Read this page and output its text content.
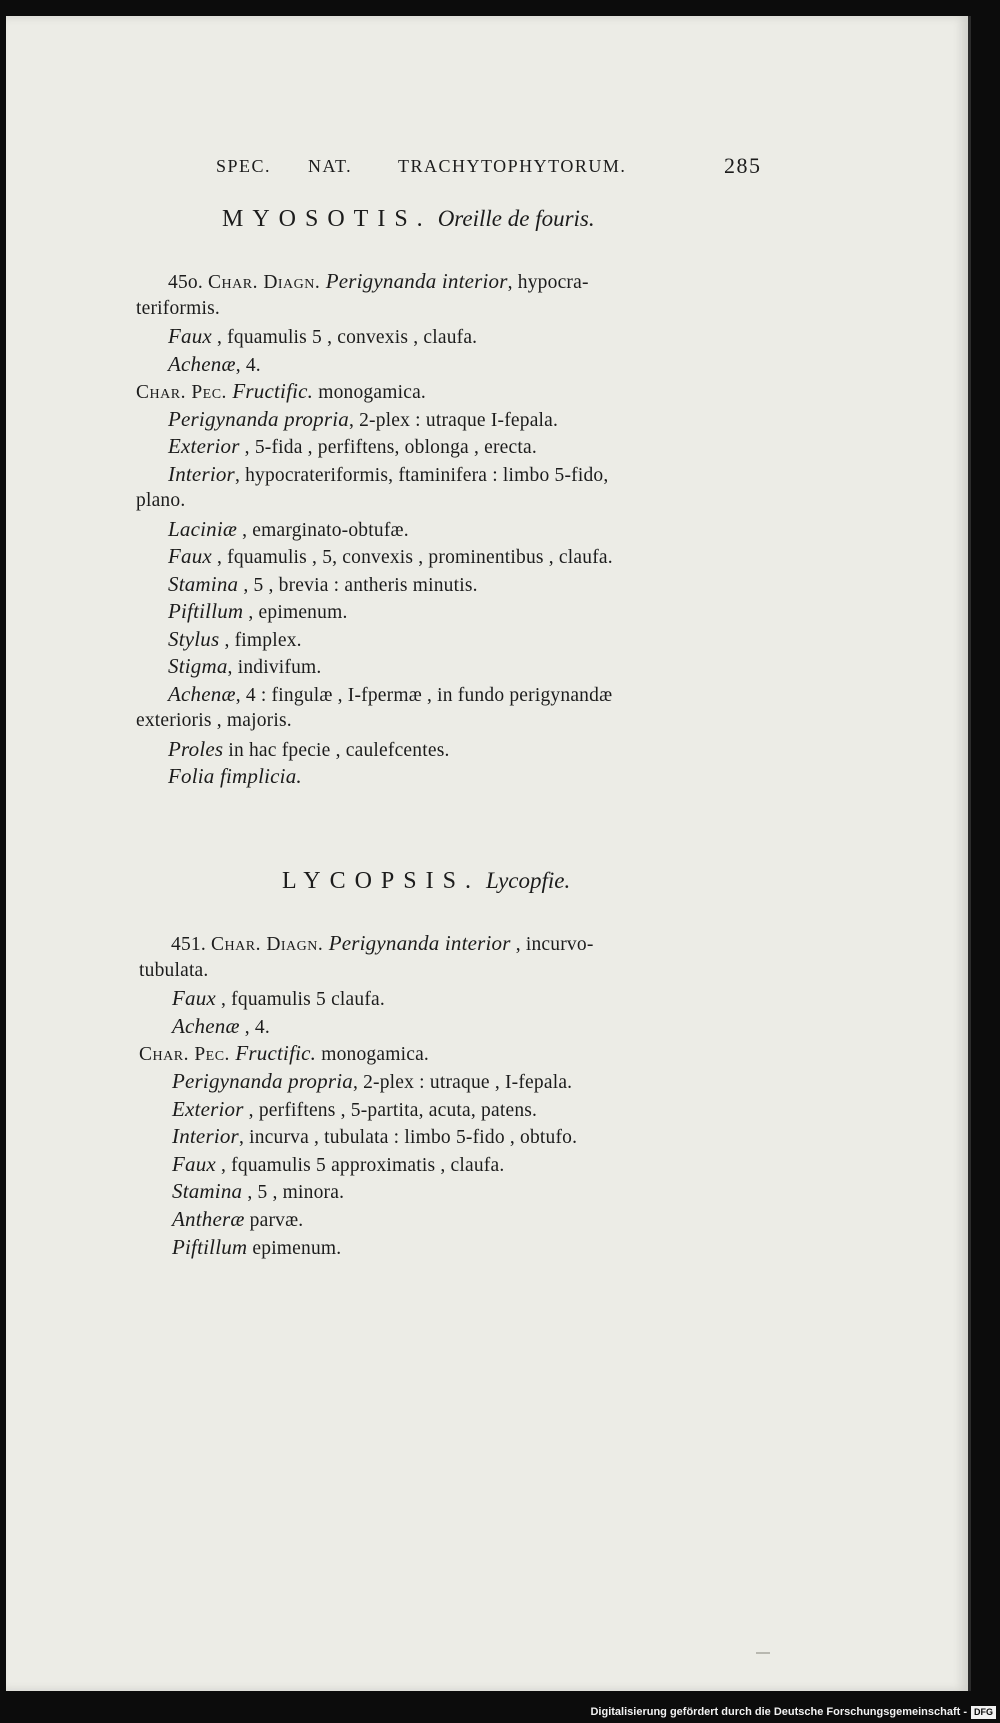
SPEC. NAT.	TRACHYTOPHYTORUM.	285
MYOSOTIS. Oreille de fouris.
45o. Char. Diagn. Perigynanda interior, hypocra-
teriformis.
Faux , fquamulis 5 , convexis , claufa.
Achenæ, 4.
Char. Pec. Fructific. monogamica.
Perigynanda propria, 2-plex : utraque I-fepala.
Exterior , 5-fida , perfiftens, oblonga , erecta.
Interior, hypocrateriformis, ftaminifera : limbo 5-fido,
plano.
Laciniæ , emarginato-obtufæ.
Faux , fquamulis , 5, convexis , prominentibus , claufa.
Stamina , 5 , brevia : antheris minutis.
Piftillum , epimenum.
Stylus , fimplex.
Stigma, indivifum.
Achenæ, 4 : fingulæ , I-fpermæ , in fundo perigynandæ
exterioris , majoris.
Proles in hac fpecie , caulefcentes.
Folia fimplicia.
LYCOPSIS. Lycopfie.
451. Char. Diagn. Perigynanda interior , incurvo-
tubulata.
Faux , fquamulis 5 claufa.
Achenæ , 4.
Char. Pec. Fructific. monogamica.
Perigynanda propria, 2-plex : utraque , I-fepala.
Exterior , perfiftens , 5-partita, acuta, patens.
Interior, incurva , tubulata : limbo 5-fido , obtufo.
Faux , fquamulis 5 approximatis , claufa.
Stamina , 5 , minora.
Antheræ parvæ.
Piftillum epimenum.
Digitalisierung gefördert durch die Deutsche Forschungsgemeinschaft - DFG
